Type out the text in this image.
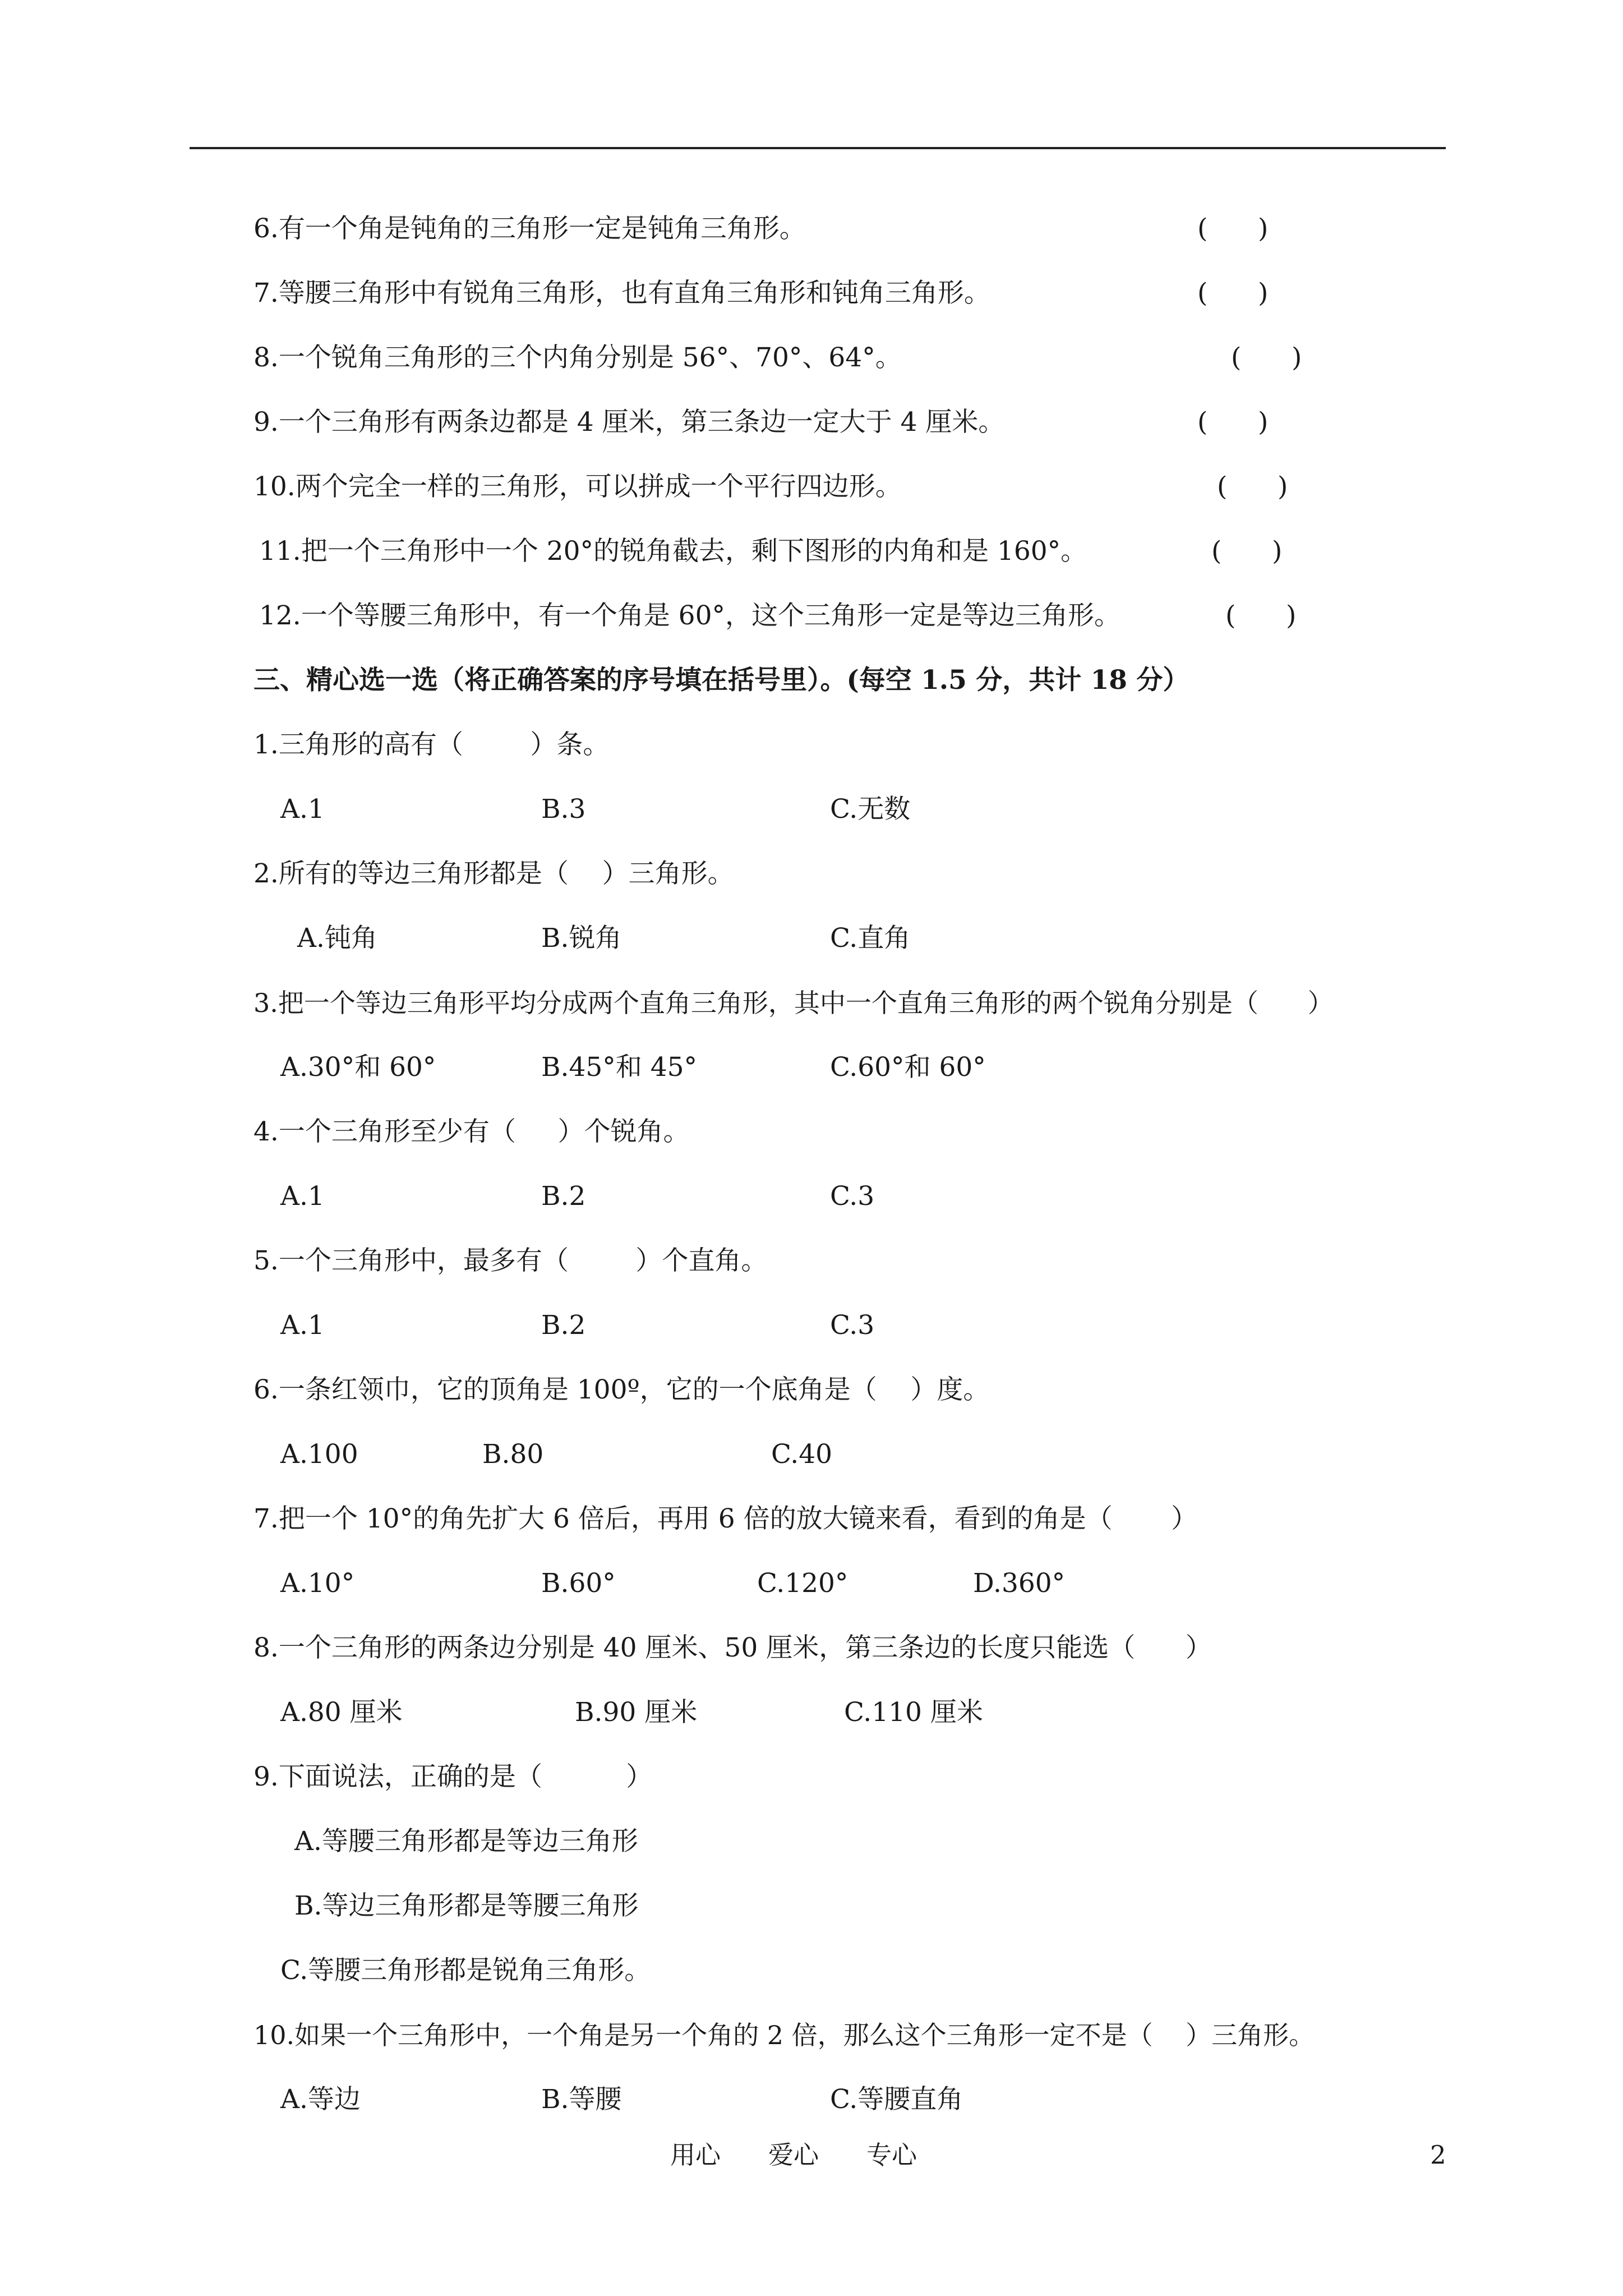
6.有一个角是钝角的三角形一定是钝角三角形。	(      )
7.等腰三角形中有锐角三角形，也有直角三角形和钝角三角形。	(      )
8.一个锐角三角形的三个内角分别是 56°、70°、64°。	(      )
9.一个三角形有两条边都是 4 厘米，第三条边一定大于 4 厘米。	(      )
10.两个完全一样的三角形，可以拼成一个平行四边形。	(      )
11.把一个三角形中一个 20°的锐角截去，剩下图形的内角和是 160°。	(      )
12.一个等腰三角形中，有一个角是 60°，这个三角形一定是等边三角形。	(      )
三、精心选一选（将正确答案的序号填在括号里）。(每空 1.5 分，共计 18 分）
1.三角形的高有（        ）条。
A.1	B.3	C.无数
2.所有的等边三角形都是（    ）三角形。
A.钝角	B.锐角	C.直角
3.把一个等边三角形平均分成两个直角三角形，其中一个直角三角形的两个锐角分别是（      ）
A.30°和 60°	B.45°和 45°	C.60°和 60°
4.一个三角形至少有（     ）个锐角。
A.1	B.2	C.3
5.一个三角形中，最多有（        ）个直角。
A.1	B.2	C.3
6.一条红领巾，它的顶角是 100º，它的一个底角是（    ）度。
A.100	B.80	C.40
7.把一个 10°的角先扩大 6 倍后，再用 6 倍的放大镜来看，看到的角是（       ）
A.10°	B.60°	C.120°	D.360°
8.一个三角形的两条边分别是 40 厘米、50 厘米，第三条边的长度只能选（      ）
A.80 厘米	B.90 厘米	C.110 厘米
9.下面说法，正确的是（          ）
A.等腰三角形都是等边三角形
B.等边三角形都是等腰三角形
C.等腰三角形都是锐角三角形。
10.如果一个三角形中，一个角是另一个角的 2 倍，那么这个三角形一定不是（    ）三角形。
A.等边	B.等腰	C.等腰直角
用心 爱心 专心	2
